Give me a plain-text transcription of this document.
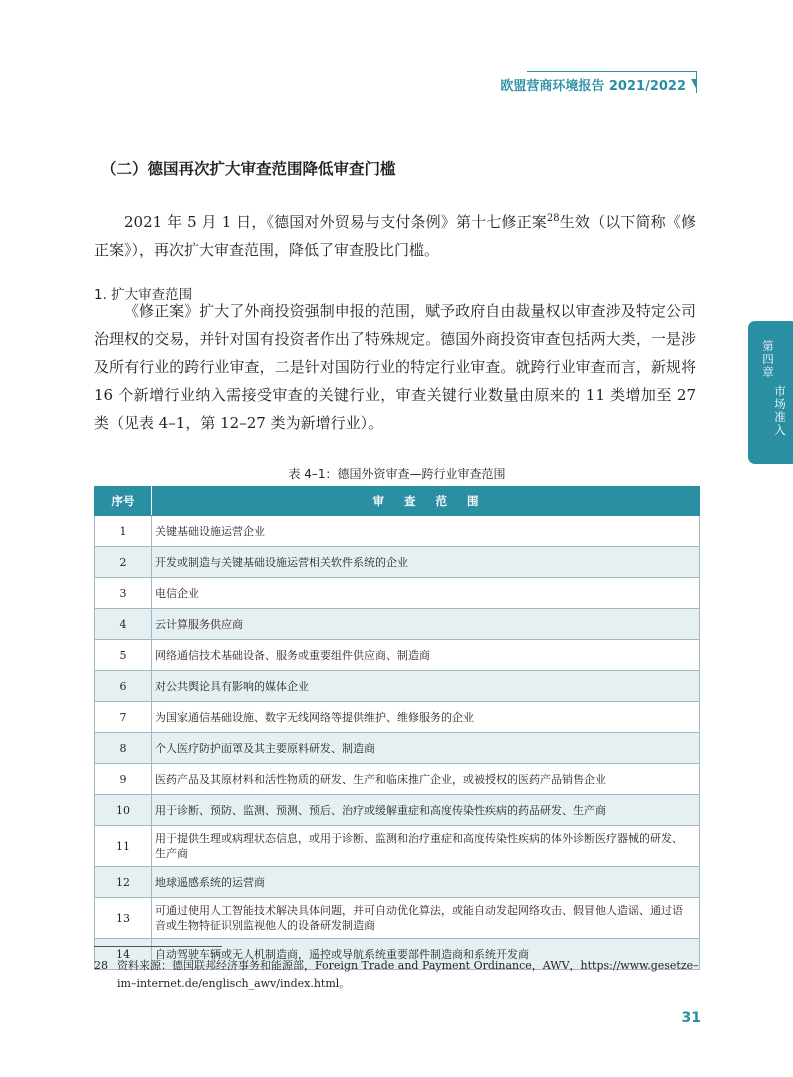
欧盟营商环境报告 2021/2022
（二）德国再次扩大审查范围降低审查门槛
2021 年 5 月 1 日，《德国对外贸易与支付条例》第十七修正案$^{28}$生效（以下简称《修正案》），再次扩大审查范围，降低了审查股比门槛。
1. 扩大审查范围
《修正案》扩大了外商投资强制申报的范围，赋予政府自由裁量权以审查涉及特定公司治理权的交易，并针对国有投资者作出了特殊规定。德国外商投资审查包括两大类，一是涉及所有行业的跨行业审查，二是针对国防行业的特定行业审查。就跨行业审查而言，新规将 16 个新增行业纳入需接受审查的关键行业，审查关键行业数量由原来的 11 类增加至 27 类（见表 4–1，第 12–27 类为新增行业）。
第
四
章
市
场
准
入
表 4–1：德国外资审查—跨行业审查范围
序号	审查范围
1	关键基础设施运营企业
2	开发或制造与关键基础设施运营相关软件系统的企业
3	电信企业
4	云计算服务供应商
5	网络通信技术基础设备、服务或重要组件供应商、制造商
6	对公共舆论具有影响的媒体企业
7	为国家通信基础设施、数字无线网络等提供维护、维修服务的企业
8	个人医疗防护面罩及其主要原料研发、制造商
9	医药产品及其原材料和活性物质的研发、生产和临床推广企业，或被授权的医药产品销售企业
10	用于诊断、预防、监测、预测、预后、治疗或缓解重症和高度传染性疾病的药品研发、生产商
11	用于提供生理或病理状态信息，或用于诊断、监测和治疗重症和高度传染性疾病的体外诊断医疗器械的研发、生产商
12	地球遥感系统的运营商
13	可通过使用人工智能技术解决具体问题，并可自动优化算法，或能自动发起网络攻击、假冒他人造谣、通过语音或生物特征识别监视他人的设备研发制造商
14	自动驾驶车辆或无人机制造商，遥控或导航系统重要部件制造商和系统开发商
28 资料来源：德国联邦经济事务和能源部，Foreign Trade and Payment Ordinance，AWV，https://www.gesetze–im–internet.de/englisch_awv/index.html。
31
